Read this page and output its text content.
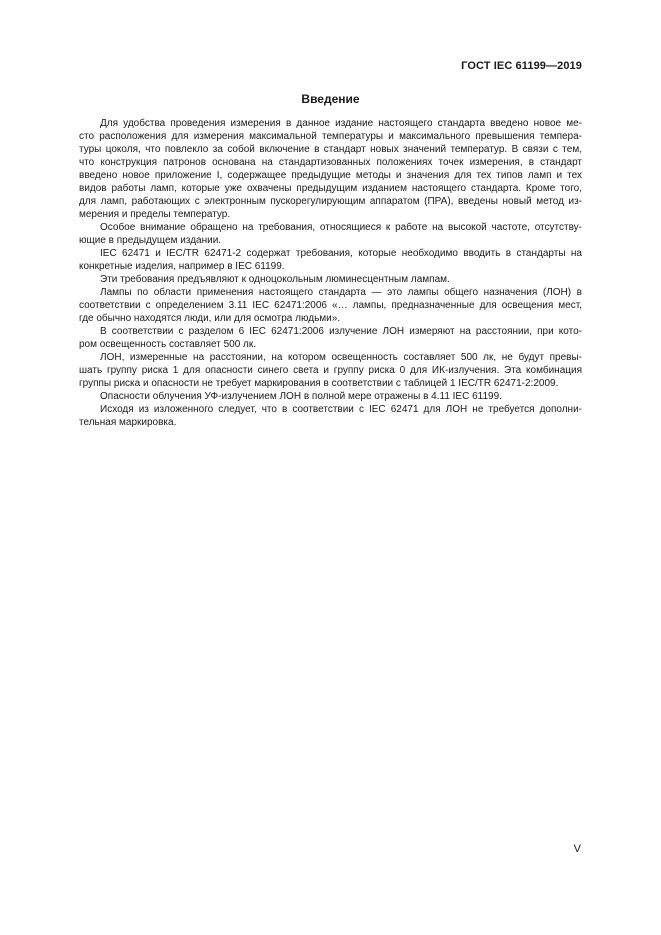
ГОСТ IEC 61199—2019
Введение

Для удобства проведения измерения в данное издание настоящего стандарта введено новое ме-
сто расположения для измерения максимальной температуры и максимального превышения темпера-
туры цоколя, что повлекло за собой включение в стандарт новых значений температур. В связи с тем,
что конструкция патронов основана на стандартизованных положениях точек измерения, в стандарт
введено новое приложение I, содержащее предыдущие методы и значения для тех типов ламп и тех
видов работы ламп, которые уже охвачены предыдущим изданием настоящего стандарта. Кроме того,
для ламп, работающих с электронным пускорегулирующим аппаратом (ПРА), введены новый метод из-
мерения и пределы температур.

Особое внимание обращено на требования, относящиеся к работе на высокой частоте, отсутству-
ющие в предыдущем издании.

IEC 62471 и IEC/TR 62471-2 содержат требования, которые необходимо вводить в стандарты на
конкретные изделия, например в IEC 61199.

Эти требования предъявляют к одноцокольным люминесцентным лампам.

Лампы по области применения настоящего стандарта — это лампы общего назначения (ЛОН) в
соответствии с определением 3.11 IEC 62471:2006 «… лампы, предназначенные для освещения мест,
где обычно находятся люди, или для осмотра людьми».

В соответствии с разделом 6 IEC 62471:2006 излучение ЛОН измеряют на расстоянии, при кото-
ром освещенность составляет 500 лк.

ЛОН, измеренные на расстоянии, на котором освещенность составляет 500 лк, не будут превы-
шать группу риска 1 для опасности синего света и группу риска 0 для ИК-излучения. Эта комбинация
группы риска и опасности не требует маркирования в соответствии с таблицей 1 IEC/TR 62471-2:2009.

Опасности облучения УФ-излучением ЛОН в полной мере отражены в 4.11 IEC 61199.

Исходя из изложенного следует, что в соответствии с IEC 62471 для ЛОН не требуется дополни-
тельная маркировка.

V
